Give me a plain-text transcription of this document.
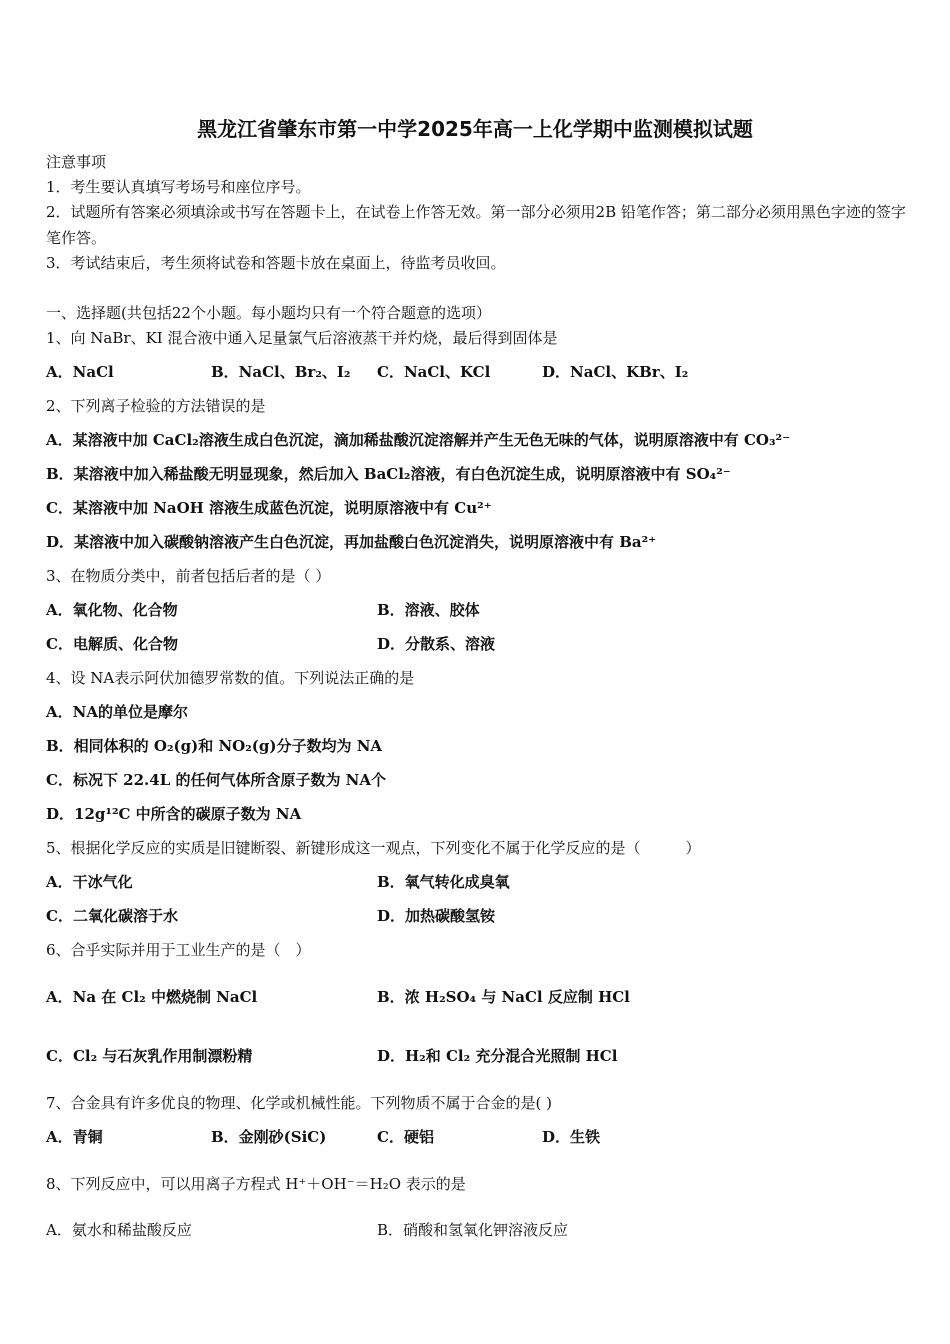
黑龙江省肇东市第一中学2025年高一上化学期中监测模拟试题
注意事项
1．考生要认真填写考场号和座位序号。
2．试题所有答案必须填涂或书写在答题卡上，在试卷上作答无效。第一部分必须用2B 铅笔作答；第二部分必须用黑色字迹的签字笔作答。
3．考试结束后，考生须将试卷和答题卡放在桌面上，待监考员收回。
一、选择题(共包括22个小题。每小题均只有一个符合题意的选项）
1、向 NaBr、KI 混合液中通入足量氯气后溶液蒸干并灼烧，最后得到固体是
A．NaCl	B．NaCl、Br₂、I₂ C．NaCl、KCl	D．NaCl、KBr、I₂
2、下列离子检验的方法错误的是
A．某溶液中加 CaCl₂溶液生成白色沉淀，滴加稀盐酸沉淀溶解并产生无色无味的气体，说明原溶液中有 CO₃²⁻
B．某溶液中加入稀盐酸无明显现象，然后加入 BaCl₂溶液，有白色沉淀生成，说明原溶液中有 SO₄²⁻
C．某溶液中加 NaOH 溶液生成蓝色沉淀，说明原溶液中有 Cu²⁺
D．某溶液中加入碳酸钠溶液产生白色沉淀，再加盐酸白色沉淀消失，说明原溶液中有 Ba²⁺
3、在物质分类中，前者包括后者的是（ ）
A．氧化物、化合物	B．溶液、胶体
C．电解质、化合物	D．分散系、溶液
4、设 NA表示阿伏加德罗常数的值。下列说法正确的是
A．NA的单位是摩尔
B．相同体积的 O₂(g)和 NO₂(g)分子数均为 NA
C．标况下 22.4L 的任何气体所含原子数为 NA个
D．12g¹²C 中所含的碳原子数为 NA
5、根据化学反应的实质是旧键断裂、新键形成这一观点，下列变化不属于化学反应的是（　　　）
A．干冰气化	B．氧气转化成臭氧
C．二氧化碳溶于水	D．加热碳酸氢铵
6、合乎实际并用于工业生产的是（　）
A．Na 在 Cl₂ 中燃烧制 NaCl	B．浓 H₂SO₄ 与 NaCl 反应制 HCl
C．Cl₂ 与石灰乳作用制漂粉精	D．H₂和 Cl₂ 充分混合光照制 HCl
7、合金具有许多优良的物理、化学或机械性能。下列物质不属于合金的是( )
A．青铜	B．金刚砂(SiC)	C．硬铝	D．生铁
8、下列反应中，可以用离子方程式 H⁺＋OH⁻＝H₂O 表示的是
A．氨水和稀盐酸反应	B．硝酸和氢氧化钾溶液反应
